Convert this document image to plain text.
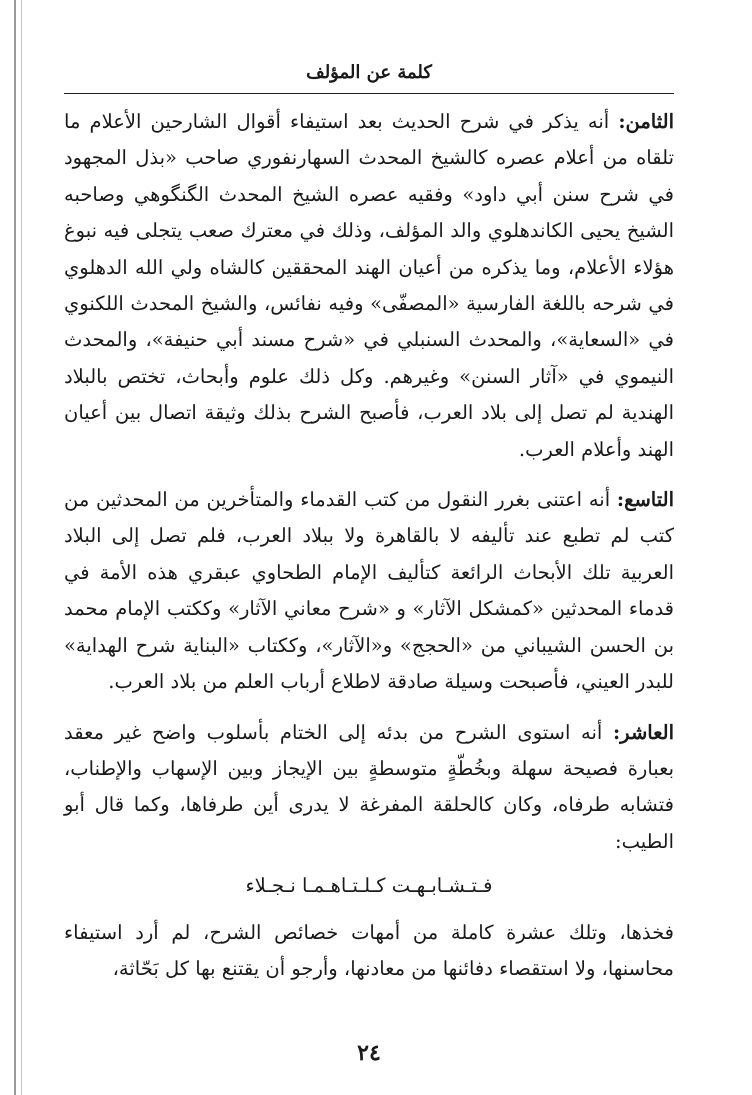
كلمة عن المؤلف

الثامن: أنه يذكر في شرح الحديث بعد استيفاء أقوال الشارحين الأعلام ما تلقاه من أعلام عصره كالشيخ المحدث السهارنفوري صاحب «بذل المجهود في شرح سنن أبي داود» وفقيه عصره الشيخ المحدث الگنگوهي وصاحبه الشيخ يحيى الكاندهلوي والد المؤلف، وذلك في معترك صعب يتجلى فيه نبوغ هؤلاء الأعلام، وما يذكره من أعيان الهند المحققين كالشاه ولي الله الدهلوي في شرحه باللغة الفارسية «المصفّى» وفيه نفائس، والشيخ المحدث اللكنوي في «السعاية»، والمحدث السنبلي في «شرح مسند أبي حنيفة»، والمحدث النيموي في «آثار السنن» وغيرهم. وكل ذلك علوم وأبحاث، تختص بالبلاد الهندية لم تصل إلى بلاد العرب، فأصبح الشرح بذلك وثيقة اتصال بين أعيان الهند وأعلام العرب.

التاسع: أنه اعتنى بغرر النقول من كتب القدماء والمتأخرين من المحدثين من كتب لم تطبع عند تأليفه لا بالقاهرة ولا ببلاد العرب، فلم تصل إلى البلاد العربية تلك الأبحاث الرائعة كتأليف الإمام الطحاوي عبقري هذه الأمة في قدماء المحدثين «كمشكل الآثار» و «شرح معاني الآثار» وككتب الإمام محمد بن الحسن الشيباني من «الحجج» و«الآثار»، وككتاب «البناية شرح الهداية» للبدر العيني، فأصبحت وسيلة صادقة لاطلاع أرباب العلم من بلاد العرب.

العاشر: أنه استوى الشرح من بدئه إلى الختام بأسلوب واضح غير معقد بعبارة فصيحة سهلة وبخُطّةٍ متوسطةٍ بين الإيجاز وبين الإسهاب والإطناب، فتشابه طرفاه، وكان كالحلقة المفرغة لا يدرى أين طرفاها، وكما قال أبو الطيب:

فـتـشـابـهـت كـلـتـاهـمـا نـجـلاء

فخذها، وتلك عشرة كاملة من أمهات خصائص الشرح، لم أرد استيفاء محاسنها، ولا استقصاء دفائنها من معادنها، وأرجو أن يقتنع بها كل بَحّاثة،

٢٤
